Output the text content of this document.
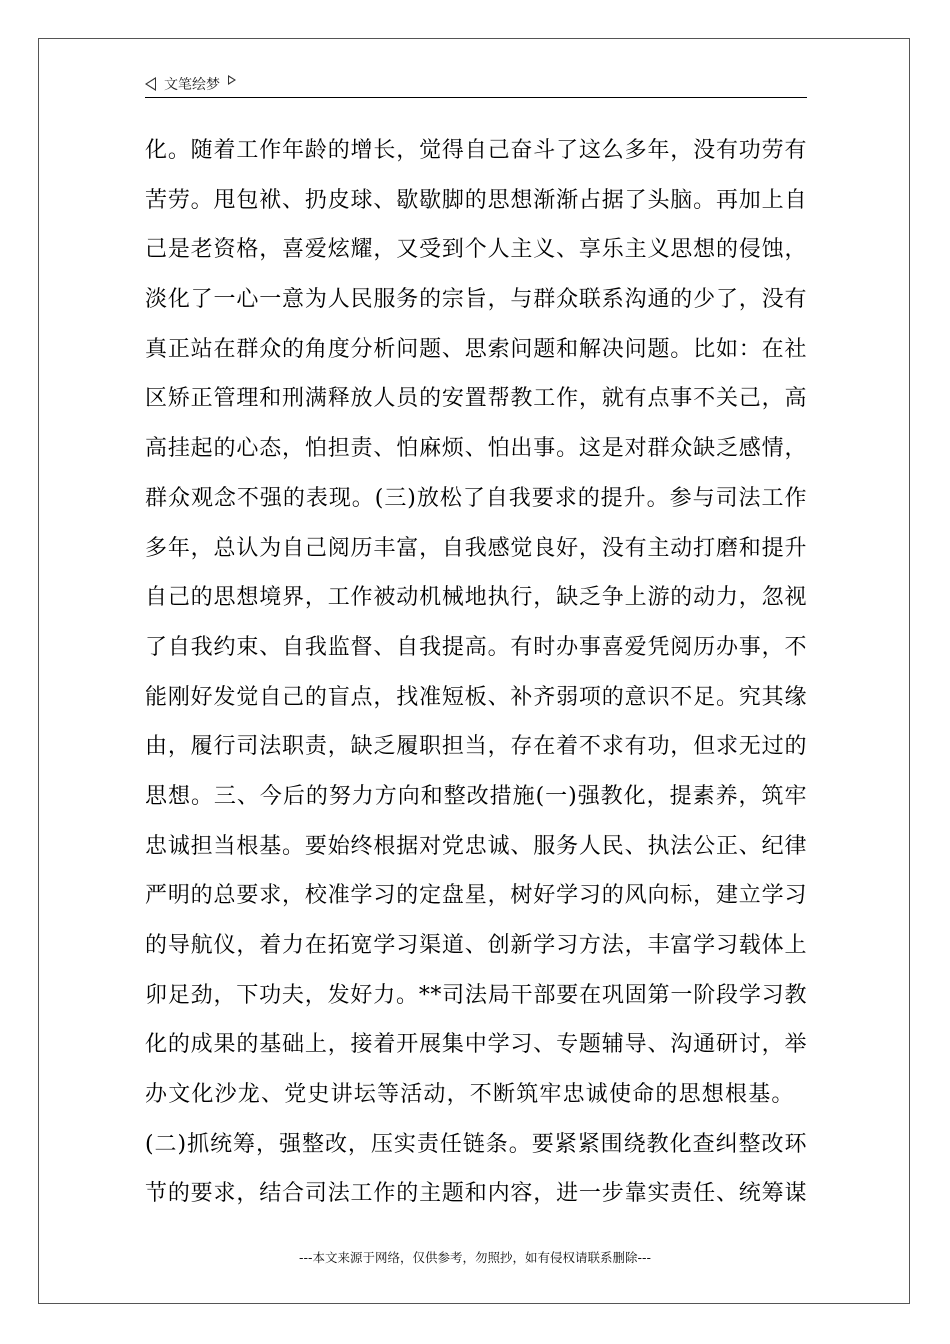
文笔绘梦
化。随着工作年龄的增长，觉得自己奋斗了这么多年，没有功劳有
苦劳。甩包袱、扔皮球、歇歇脚的思想渐渐占据了头脑。再加上自
己是老资格，喜爱炫耀，又受到个人主义、享乐主义思想的侵蚀，
淡化了一心一意为人民服务的宗旨，与群众联系沟通的少了，没有
真正站在群众的角度分析问题、思索问题和解决问题。比如：在社
区矫正管理和刑满释放人员的安置帮教工作，就有点事不关己，高
高挂起的心态，怕担责、怕麻烦、怕出事。这是对群众缺乏感情，
群众观念不强的表现。(三)放松了自我要求的提升。参与司法工作
多年，总认为自己阅历丰富，自我感觉良好，没有主动打磨和提升
自己的思想境界，工作被动机械地执行，缺乏争上游的动力，忽视
了自我约束、自我监督、自我提高。有时办事喜爱凭阅历办事，不
能刚好发觉自己的盲点，找准短板、补齐弱项的意识不足。究其缘
由，履行司法职责，缺乏履职担当，存在着不求有功，但求无过的
思想。三、今后的努力方向和整改措施(一)强教化，提素养，筑牢
忠诚担当根基。要始终根据对党忠诚、服务人民、执法公正、纪律
严明的总要求，校准学习的定盘星，树好学习的风向标，建立学习
的导航仪，着力在拓宽学习渠道、创新学习方法，丰富学习载体上
卯足劲，下功夫，发好力。**司法局干部要在巩固第一阶段学习教
化的成果的基础上，接着开展集中学习、专题辅导、沟通研讨，举
办文化沙龙、党史讲坛等活动，不断筑牢忠诚使命的思想根基。
(二)抓统筹，强整改，压实责任链条。要紧紧围绕教化查纠整改环
节的要求，结合司法工作的主题和内容，进一步靠实责任、统筹谋
---本文来源于网络，仅供参考，勿照抄，如有侵权请联系删除---
